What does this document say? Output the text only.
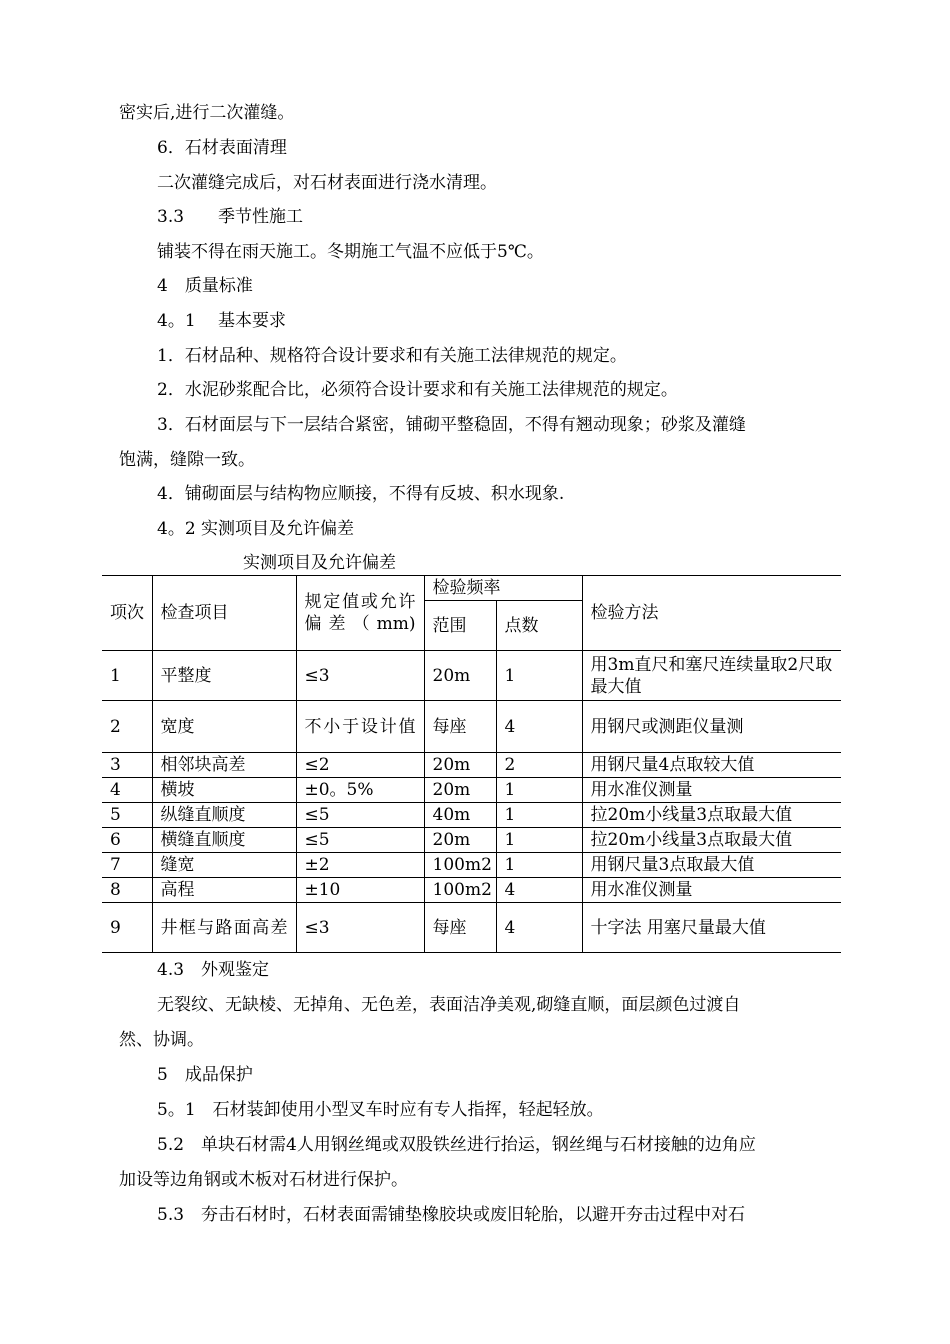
密实后,进行二次灌缝。
6．石材表面清理
二次灌缝完成后，对石材表面进行浇水清理。
3.3　　季节性施工
铺装不得在雨天施工。冬期施工气温不应低于5℃。
4　质量标准
4。1　 基本要求
1．石材品种、规格符合设计要求和有关施工法律规范的规定。
2．水泥砂浆配合比，必须符合设计要求和有关施工法律规范的规定。
3．石材面层与下一层结合紧密，铺砌平整稳固，不得有翘动现象；砂浆及灌缝
饱满，缝隙一致。
4．铺砌面层与结构物应顺接，不得有反坡、积水现象.
4。2 实测项目及允许偏差
实测项目及允许偏差
项次	检查项目	规定值或允许偏差（mm)	检验频率		检验方法
			范围	点数	
1	平整度	≤3	20m	1	用3m直尺和塞尺连续量取2尺取最大值
2	宽度	不小于设计值	每座	4	用钢尺或测距仪量测
3	相邻块高差	≤2	20m	2	用钢尺量4点取较大值
4	横坡	±0。5%	20m	1	用水准仪测量
5	纵缝直顺度	≤5	40m	1	拉20m小线量3点取最大值
6	横缝直顺度	≤5	20m	1	拉20m小线量3点取最大值
7	缝宽	±2	100m2	1	用钢尺量3点取最大值
8	高程	±10	100m2	4	用水准仪测量
9	井框与路面高差	≤3	每座	4	十字法 用塞尺量最大值
4.3　外观鉴定
无裂纹、无缺棱、无掉角、无色差，表面洁净美观,砌缝直顺，面层颜色过渡自
然、协调。
5　成品保护
5。1　石材装卸使用小型叉车时应有专人指挥，轻起轻放。
5.2　单块石材需4人用钢丝绳或双股铁丝进行抬运，钢丝绳与石材接触的边角应
加设等边角钢或木板对石材进行保护。
5.3　夯击石材时，石材表面需铺垫橡胶块或废旧轮胎，以避开夯击过程中对石
